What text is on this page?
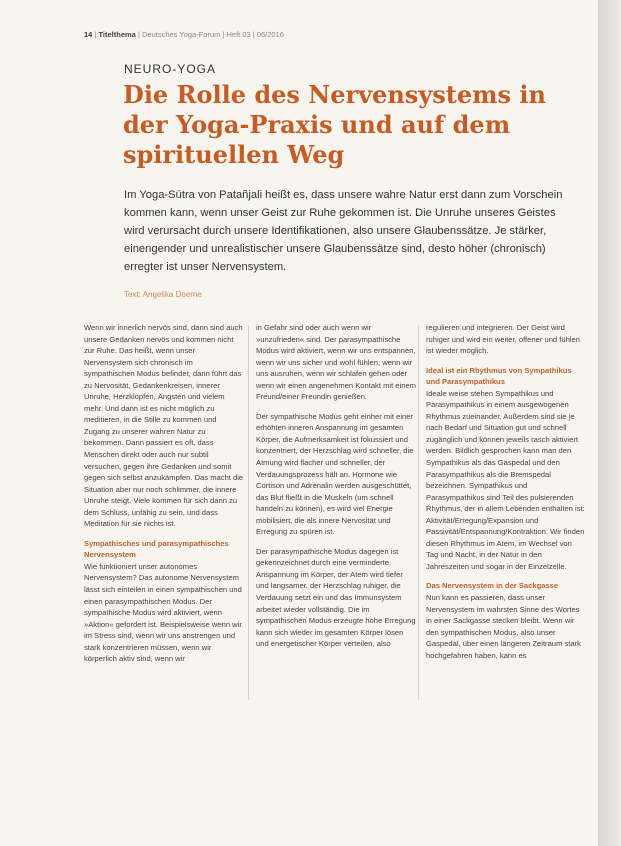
14 | Titelthema | Deutsches Yoga-Forum | Heft 03 | 06/2016
NEURO-YOGA
Die Rolle des Nervensystems in der Yoga-Praxis und auf dem spirituellen Weg

Im Yoga-Sūtra von Patañjali heißt es, dass unsere wahre Natur erst dann zum Vorschein kommen kann, wenn unser Geist zur Ruhe gekommen ist. Die Unruhe unseres Geistes wird verursacht durch unsere Identifikationen, also unsere Glaubenssätze. Je stärker, einengender und unrealistischer unsere Glaubenssätze sind, desto höher (chronisch) erregter ist unser Nervensystem.

Text: Angelika Doerne

Wenn wir innerlich nervös sind, dann sind auch unsere Gedanken nervös und kommen nicht zur Ruhe. Das heißt, wenn unser Nervensystem sich chronisch im sympathischen Modus befindet, dann führt das zu Nervosität, Gedankenkreisen, innerer Unruhe, Herzklopfen, Ängsten und vielem mehr. Und dann ist es nicht möglich zu meditieren, in die Stille zu kommen und Zugang zu unserer wahren Natur zu bekommen. Dann passiert es oft, dass Menschen direkt oder auch nur subtil versuchen, gegen ihre Gedanken und somit gegen sich selbst anzukämpfen. Das macht die Situation aber nur noch schlimmer, die innere Unruhe steigt. Viele kommen für sich dann zu dem Schluss, unfähig zu sein, und dass Meditation für sie nichts ist.

Sympathisches und parasympathisches Nervensystem

Wie funktioniert unser autonomes Nervensystem? Das autonome Nervensystem lässt sich einteilen in einen sympathischen und einen parasympathischen Modus. Der sympathische Modus wird aktiviert, wenn »Aktion« gefordert ist. Beispielsweise wenn wir im Stress sind, wenn wir uns anstrengen und stark konzentrieren müssen, wenn wir körperlich aktiv sind, wenn wir

in Gefahr sind oder auch wenn wir »unzufrieden« sind. Der parasympathische Modus wird aktiviert, wenn wir uns entspannen, wenn wir uns sicher und wohl fühlen, wenn wir uns ausruhen, wenn wir schlafen gehen oder wenn wir einen angenehmen Kontakt mit einem Freund/einer Freundin genießen.

Der sympathische Modus geht einher mit einer erhöhten inneren Anspannung im gesamten Körper, die Aufmerksamkeit ist fokussiert und konzentriert, der Herzschlag wird schneller, die Atmung wird flacher und schneller, der Verdauungsprozess hält an. Hormone wie Cortison und Adrenalin werden ausgeschüttet, das Blut fließt in die Muskeln (um schnell handeln zu können), es wird viel Energie mobilisiert, die als innere Nervosität und Erregung zu spüren ist.

Der parasympathische Modus dagegen ist gekennzeichnet durch eine verminderte Anspannung im Körper, der Atem wird tiefer und langsamer, der Herzschlag ruhiger, die Verdauung setzt ein und das Immunsystem arbeitet wieder vollständig. Die im sympathischen Modus erzeugte hohe Erregung kann sich wieder im gesamten Körper lösen und energetischer Körper verteilen, also

regulieren und integrieren. Der Geist wird ruhiger und wird ein weiter, offener und fühlen ist wieder möglich.

Ideal ist ein Rhythmus von Sympathikus und Parasympathikus

Ideale weise stehen Sympathikus und Parasympathikus in einem ausgewogenen Rhythmus zueinander. Außerdem sind sie je nach Bedarf und Situation gut und schnell zugänglich und können jeweils rasch aktiviert werden. Bildlich gesprochen kann man den Sympathikus als das Gaspedal und den Parasympathikus als die Bremspedal bezeichnen. Sympathikus und Parasympathikus sind Teil des pulsierenden Rhythmus, der in allem Lebenden enthalten ist: Aktivität/Erregung/Expansion und Passivität/Entspannung/Kontraktion. Wir finden diesen Rhythmus im Atem, im Wechsel von Tag und Nacht, in der Natur in den Jahreszeiten und sogar in der Einzelzelle.

Das Nervensystem in der Sackgasse

Nun kann es passieren, dass unser Nervensystem im wahrsten Sinne des Wortes in einer Sackgasse stecken bleibt. Wenn wir den sympathischen Modus, also unser Gaspedal, über einen längeren Zeitraum stark hochgefahren haben, kann es
